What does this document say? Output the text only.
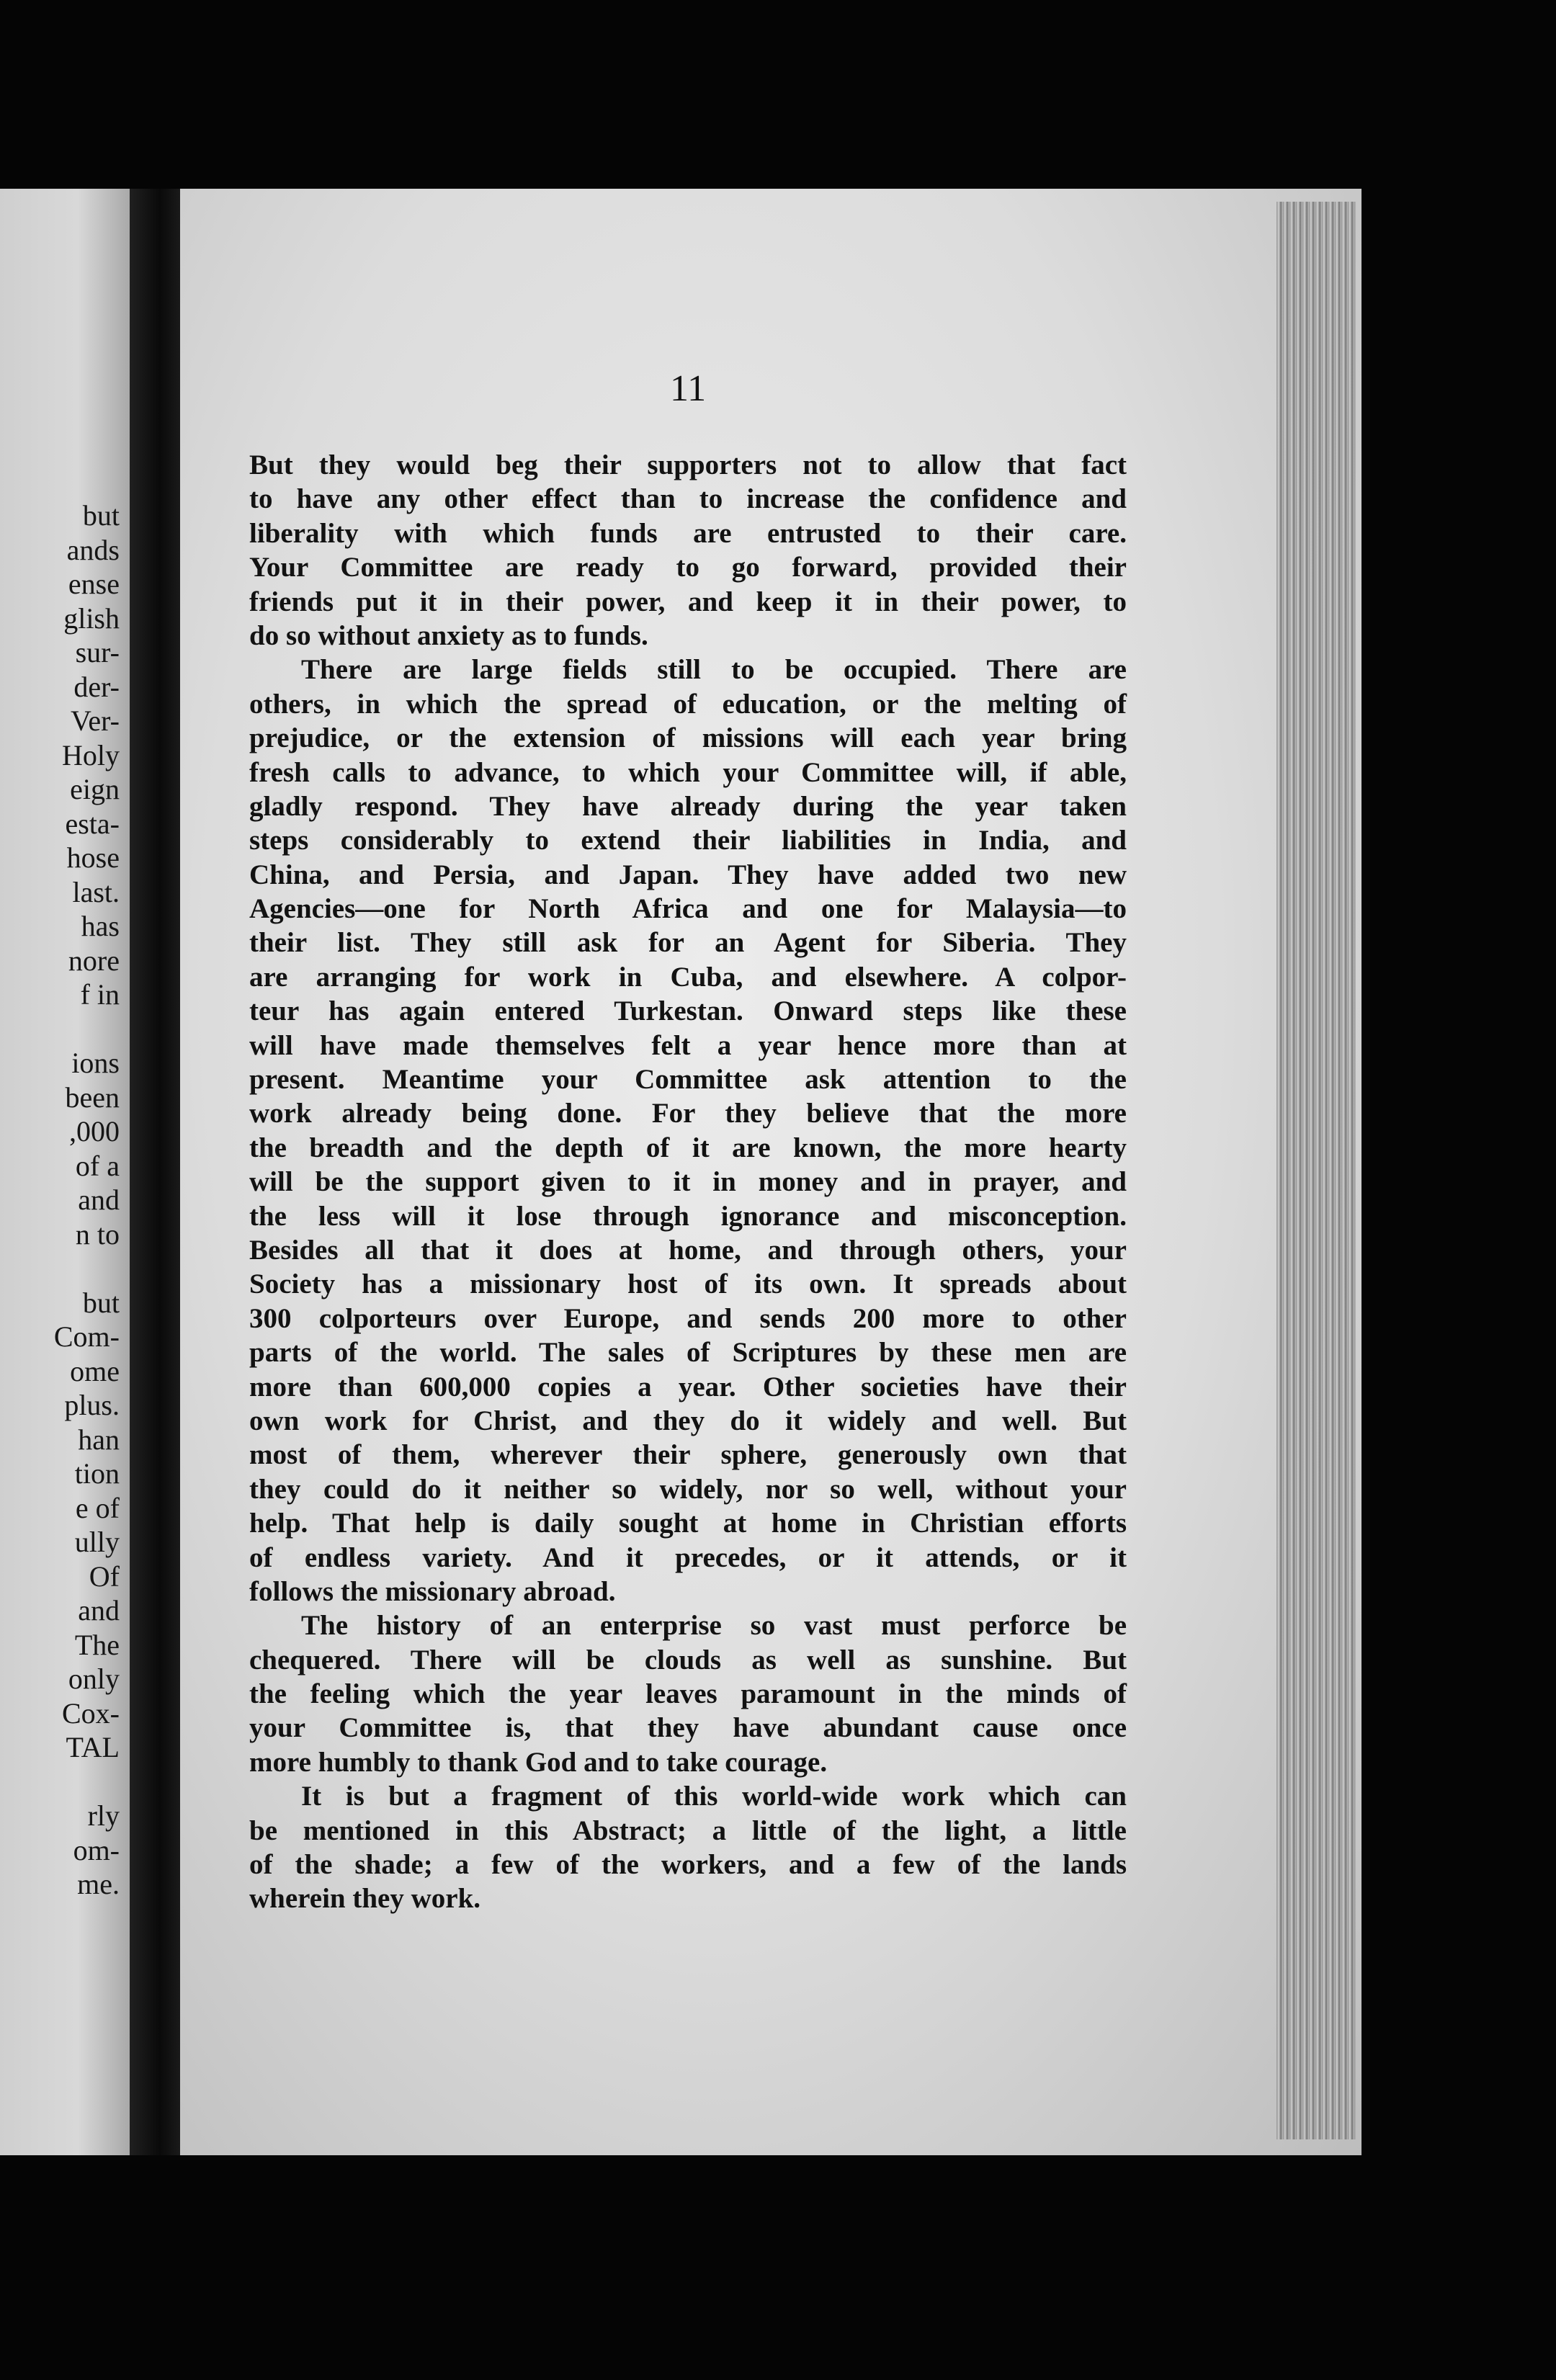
but
ands
ense
glish
sur-
der-
Ver-
Holy
eign
esta-
hose
last.
has
nore
f in
ions
been
,000
of a
and
n to
but
Com-
ome
plus.
han
tion
e of
ully
Of
and
The
only
Cox-
TAL
rly
om-
me.
11
But they would beg their supporters not to allow that fact
to have any other effect than to increase the confidence and
liberality with which funds are entrusted to their care.
Your Committee are ready to go forward, provided their
friends put it in their power, and keep it in their power, to
do so without anxiety as to funds.
There are large fields still to be occupied. There are
others, in which the spread of education, or the melting of
prejudice, or the extension of missions will each year bring
fresh calls to advance, to which your Committee will, if able,
gladly respond. They have already during the year taken
steps considerably to extend their liabilities in India, and
China, and Persia, and Japan. They have added two new
Agencies—one for North Africa and one for Malaysia—to
their list. They still ask for an Agent for Siberia. They
are arranging for work in Cuba, and elsewhere. A colpor-
teur has again entered Turkestan. Onward steps like these
will have made themselves felt a year hence more than at
present. Meantime your Committee ask attention to the
work already being done. For they believe that the more
the breadth and the depth of it are known, the more hearty
will be the support given to it in money and in prayer, and
the less will it lose through ignorance and misconception.
Besides all that it does at home, and through others, your
Society has a missionary host of its own. It spreads about
300 colporteurs over Europe, and sends 200 more to other
parts of the world. The sales of Scriptures by these men are
more than 600,000 copies a year. Other societies have their
own work for Christ, and they do it widely and well. But
most of them, wherever their sphere, generously own that
they could do it neither so widely, nor so well, without your
help. That help is daily sought at home in Christian efforts
of endless variety. And it precedes, or it attends, or it
follows the missionary abroad.
The history of an enterprise so vast must perforce be
chequered. There will be clouds as well as sunshine. But
the feeling which the year leaves paramount in the minds of
your Committee is, that they have abundant cause once
more humbly to thank God and to take courage.
It is but a fragment of this world-wide work which can
be mentioned in this Abstract; a little of the light, a little
of the shade; a few of the workers, and a few of the lands
wherein they work.
